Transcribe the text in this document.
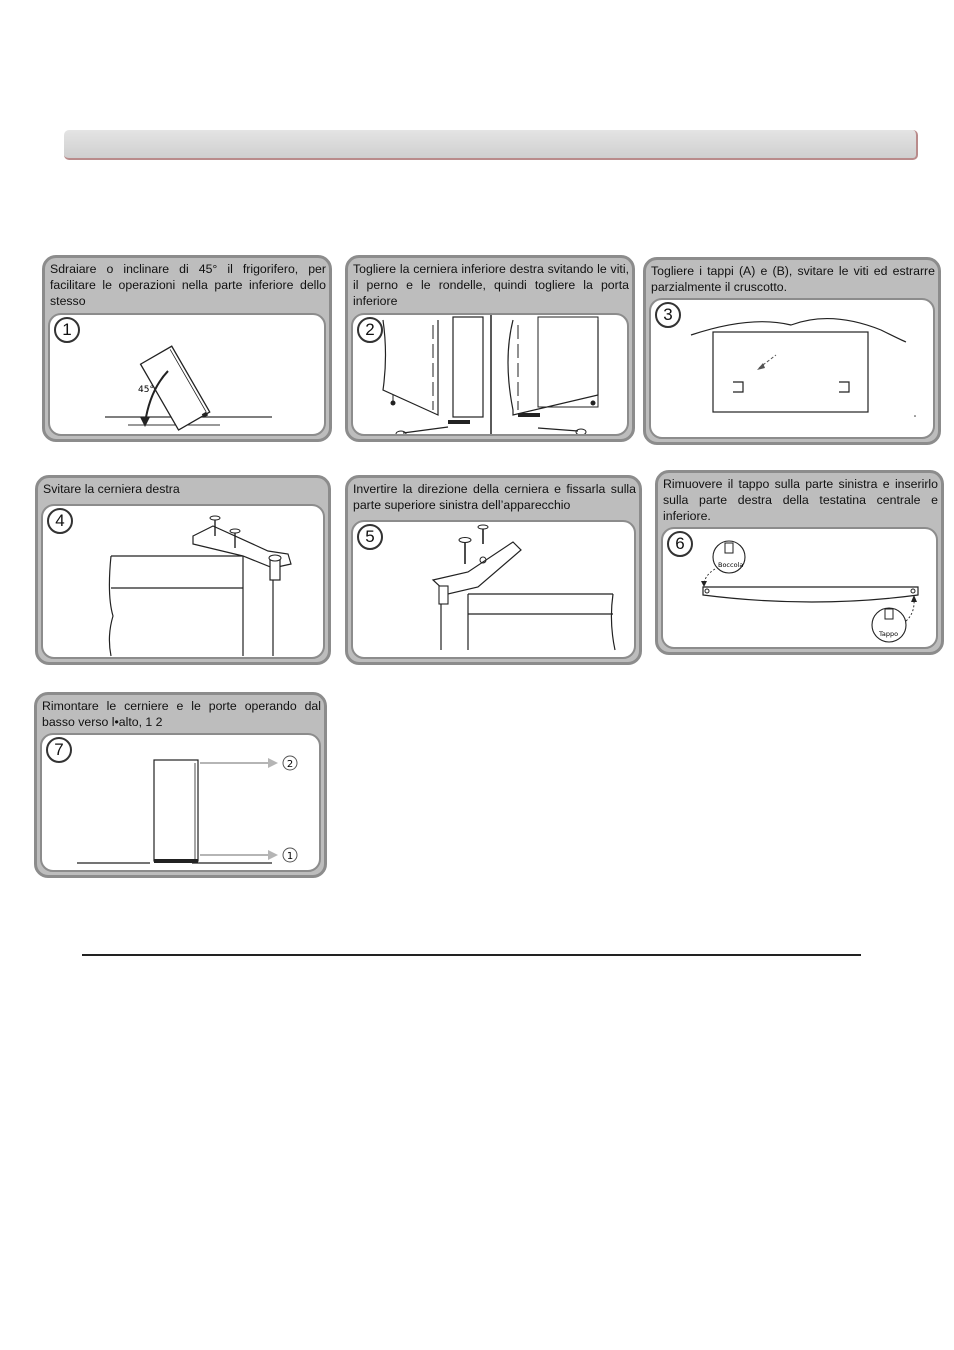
Sdraiare o inclinare di 45° il frigorifero, per facilitare le operazioni nella parte inferiore dello stesso
1
45°
Togliere la cerniera inferiore destra svitando le viti, il perno e le rondelle, quindi togliere la porta inferiore
2
Togliere i tappi (A) e (B), svitare le viti ed estrarre parzialmente il cruscotto.
3
Svitare la cerniera destra
4
Invertire la direzione della cerniera e fissarla sulla parte superiore sinistra dell’apparecchio
5
Rimuovere il tappo sulla parte sinistra e inserirlo sulla parte destra della testatina centrale e inferiore.
6
Boccola
Tappo
Rimontare le cerniere e le porte operando dal basso verso l•alto, 1 2
7
2
1
